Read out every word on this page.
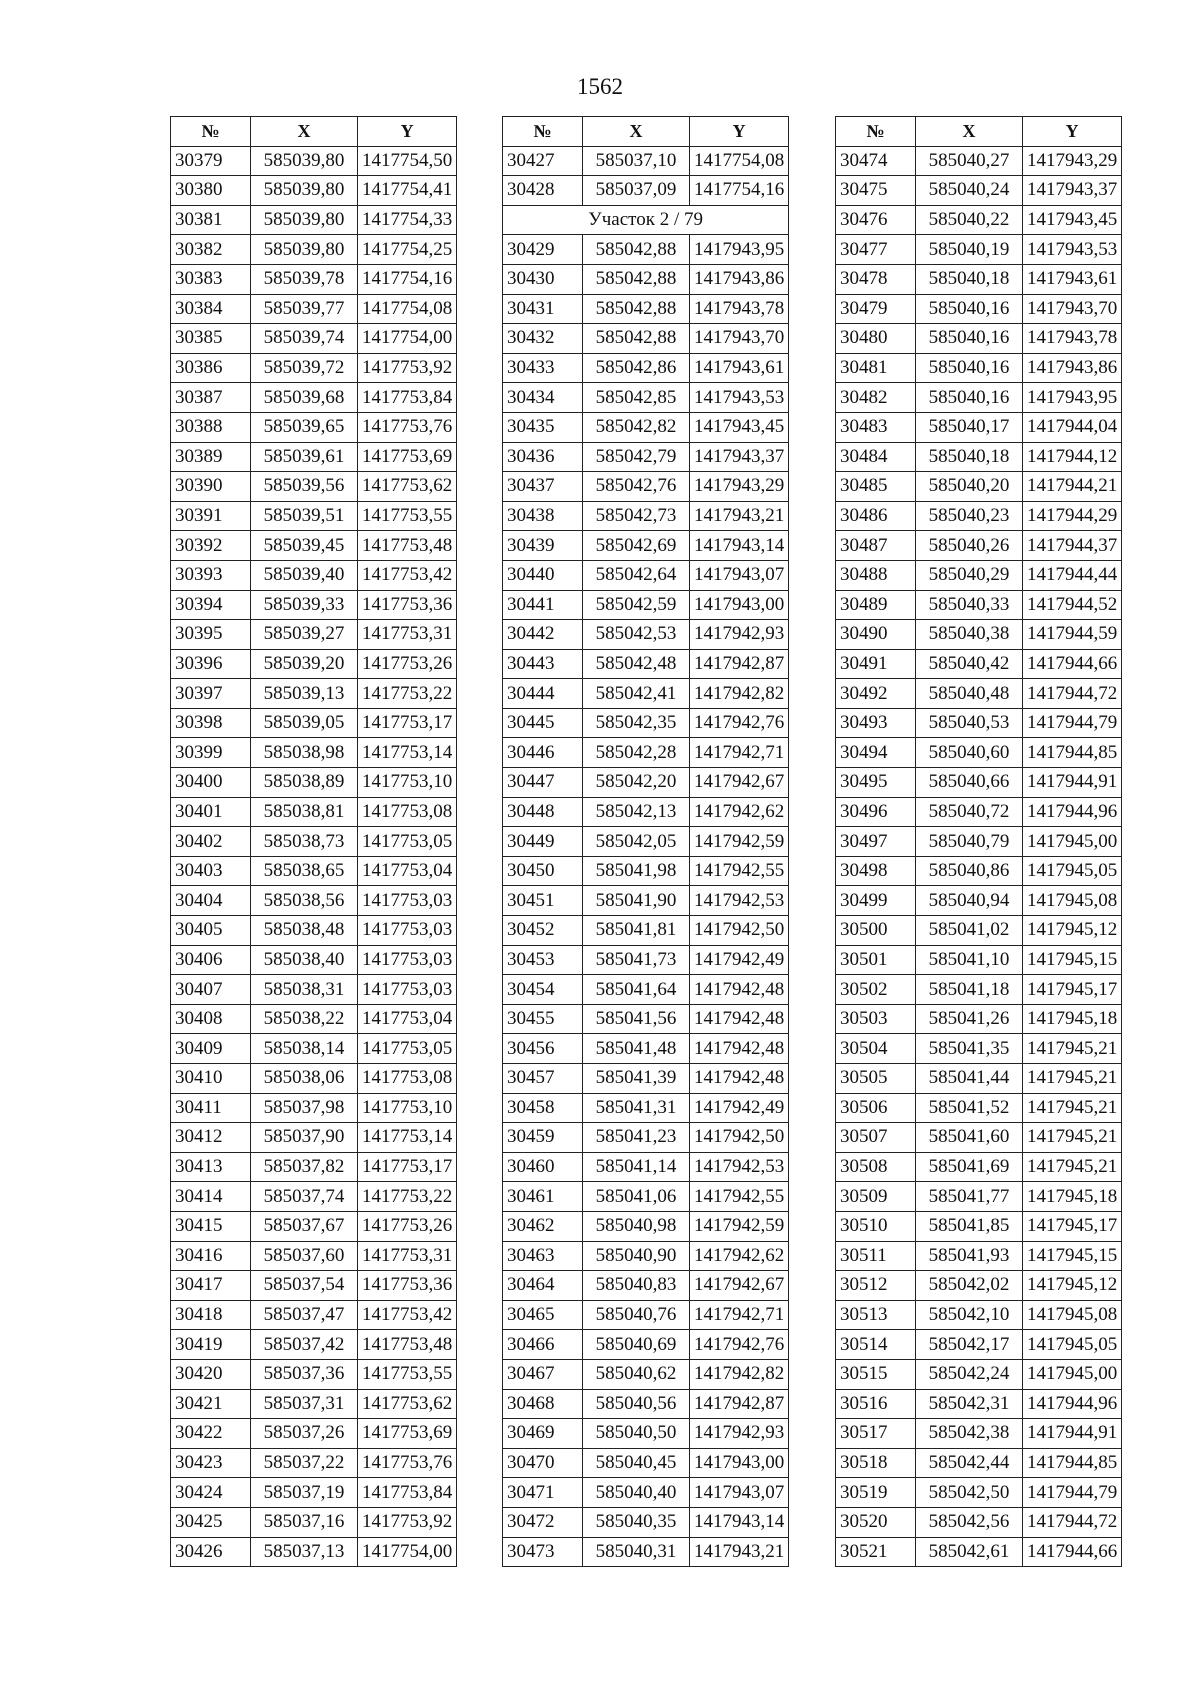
1562
№	X	Y
30379	585039,80	1417754,50
30380	585039,80	1417754,41
30381	585039,80	1417754,33
30382	585039,80	1417754,25
30383	585039,78	1417754,16
30384	585039,77	1417754,08
30385	585039,74	1417754,00
30386	585039,72	1417753,92
30387	585039,68	1417753,84
30388	585039,65	1417753,76
30389	585039,61	1417753,69
30390	585039,56	1417753,62
30391	585039,51	1417753,55
30392	585039,45	1417753,48
30393	585039,40	1417753,42
30394	585039,33	1417753,36
30395	585039,27	1417753,31
30396	585039,20	1417753,26
30397	585039,13	1417753,22
30398	585039,05	1417753,17
30399	585038,98	1417753,14
30400	585038,89	1417753,10
30401	585038,81	1417753,08
30402	585038,73	1417753,05
30403	585038,65	1417753,04
30404	585038,56	1417753,03
30405	585038,48	1417753,03
30406	585038,40	1417753,03
30407	585038,31	1417753,03
30408	585038,22	1417753,04
30409	585038,14	1417753,05
30410	585038,06	1417753,08
30411	585037,98	1417753,10
30412	585037,90	1417753,14
30413	585037,82	1417753,17
30414	585037,74	1417753,22
30415	585037,67	1417753,26
30416	585037,60	1417753,31
30417	585037,54	1417753,36
30418	585037,47	1417753,42
30419	585037,42	1417753,48
30420	585037,36	1417753,55
30421	585037,31	1417753,62
30422	585037,26	1417753,69
30423	585037,22	1417753,76
30424	585037,19	1417753,84
30425	585037,16	1417753,92
30426	585037,13	1417754,00
№	X	Y
30427	585037,10	1417754,08
30428	585037,09	1417754,16
Участок 2 / 79		
30429	585042,88	1417943,95
30430	585042,88	1417943,86
30431	585042,88	1417943,78
30432	585042,88	1417943,70
30433	585042,86	1417943,61
30434	585042,85	1417943,53
30435	585042,82	1417943,45
30436	585042,79	1417943,37
30437	585042,76	1417943,29
30438	585042,73	1417943,21
30439	585042,69	1417943,14
30440	585042,64	1417943,07
30441	585042,59	1417943,00
30442	585042,53	1417942,93
30443	585042,48	1417942,87
30444	585042,41	1417942,82
30445	585042,35	1417942,76
30446	585042,28	1417942,71
30447	585042,20	1417942,67
30448	585042,13	1417942,62
30449	585042,05	1417942,59
30450	585041,98	1417942,55
30451	585041,90	1417942,53
30452	585041,81	1417942,50
30453	585041,73	1417942,49
30454	585041,64	1417942,48
30455	585041,56	1417942,48
30456	585041,48	1417942,48
30457	585041,39	1417942,48
30458	585041,31	1417942,49
30459	585041,23	1417942,50
30460	585041,14	1417942,53
30461	585041,06	1417942,55
30462	585040,98	1417942,59
30463	585040,90	1417942,62
30464	585040,83	1417942,67
30465	585040,76	1417942,71
30466	585040,69	1417942,76
30467	585040,62	1417942,82
30468	585040,56	1417942,87
30469	585040,50	1417942,93
30470	585040,45	1417943,00
30471	585040,40	1417943,07
30472	585040,35	1417943,14
30473	585040,31	1417943,21
№	X	Y
30474	585040,27	1417943,29
30475	585040,24	1417943,37
30476	585040,22	1417943,45
30477	585040,19	1417943,53
30478	585040,18	1417943,61
30479	585040,16	1417943,70
30480	585040,16	1417943,78
30481	585040,16	1417943,86
30482	585040,16	1417943,95
30483	585040,17	1417944,04
30484	585040,18	1417944,12
30485	585040,20	1417944,21
30486	585040,23	1417944,29
30487	585040,26	1417944,37
30488	585040,29	1417944,44
30489	585040,33	1417944,52
30490	585040,38	1417944,59
30491	585040,42	1417944,66
30492	585040,48	1417944,72
30493	585040,53	1417944,79
30494	585040,60	1417944,85
30495	585040,66	1417944,91
30496	585040,72	1417944,96
30497	585040,79	1417945,00
30498	585040,86	1417945,05
30499	585040,94	1417945,08
30500	585041,02	1417945,12
30501	585041,10	1417945,15
30502	585041,18	1417945,17
30503	585041,26	1417945,18
30504	585041,35	1417945,21
30505	585041,44	1417945,21
30506	585041,52	1417945,21
30507	585041,60	1417945,21
30508	585041,69	1417945,21
30509	585041,77	1417945,18
30510	585041,85	1417945,17
30511	585041,93	1417945,15
30512	585042,02	1417945,12
30513	585042,10	1417945,08
30514	585042,17	1417945,05
30515	585042,24	1417945,00
30516	585042,31	1417944,96
30517	585042,38	1417944,91
30518	585042,44	1417944,85
30519	585042,50	1417944,79
30520	585042,56	1417944,72
30521	585042,61	1417944,66
